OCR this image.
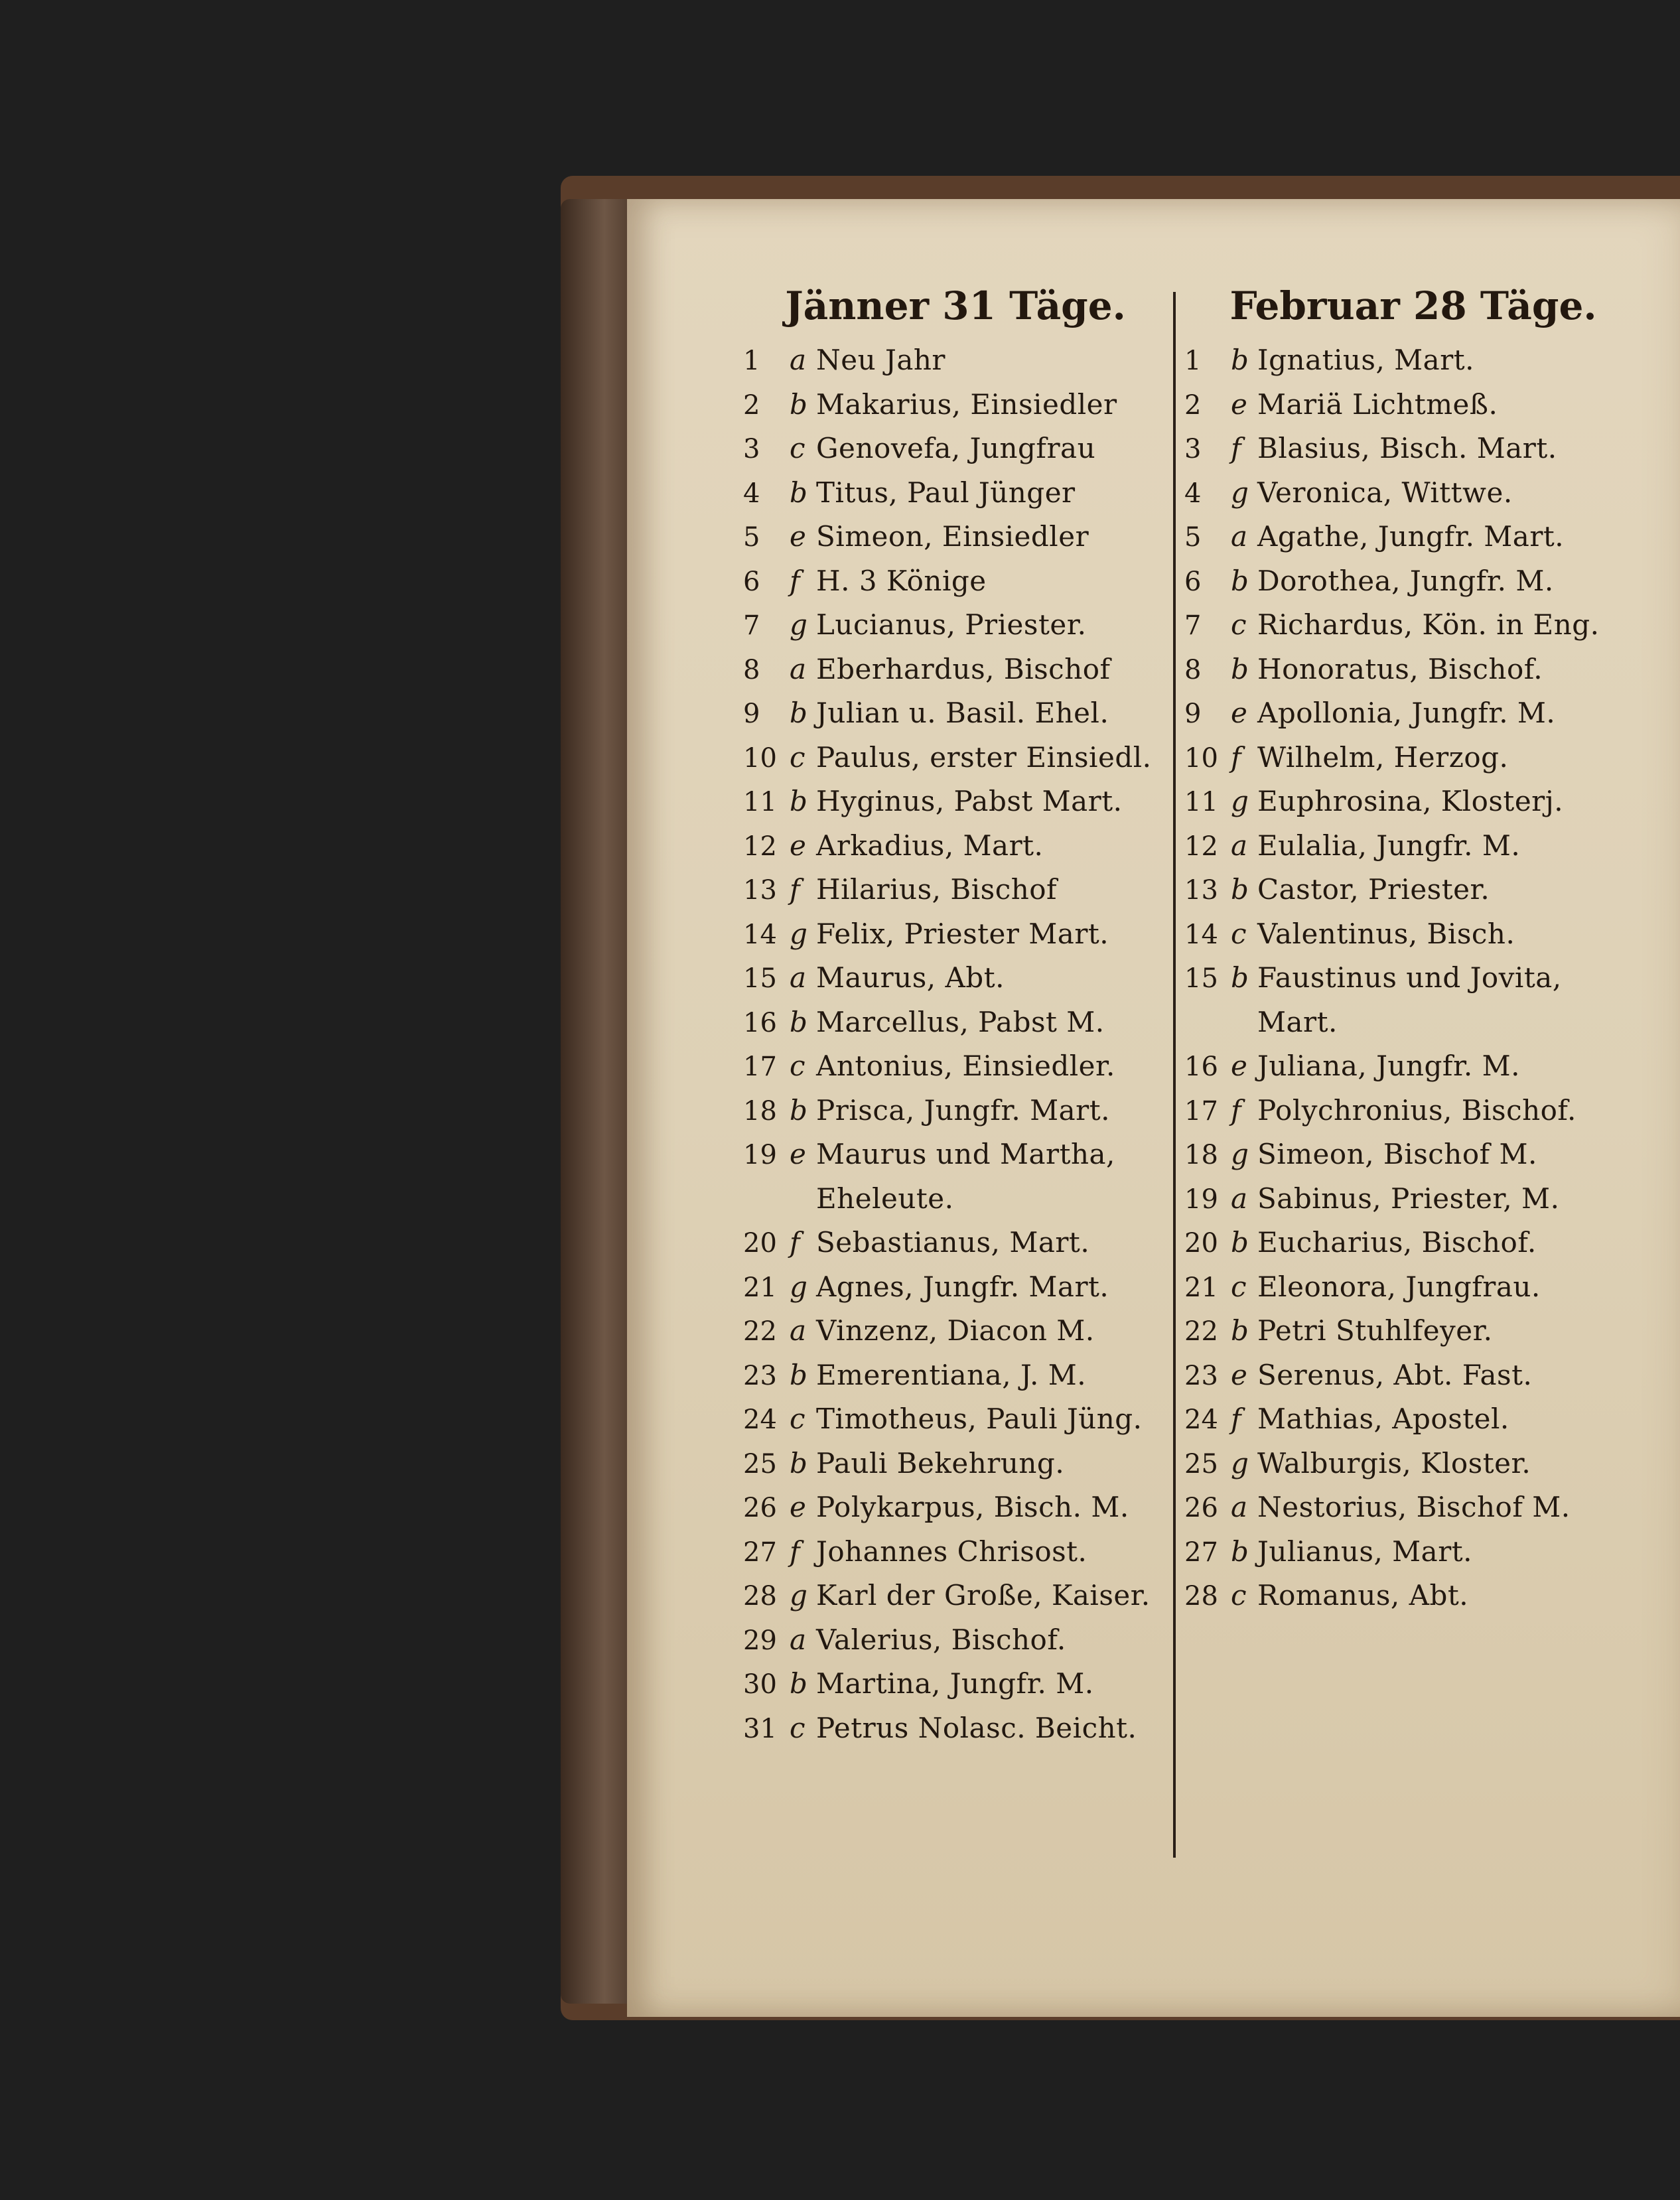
Jänner 31 Täge.
1	a Neu Jahr
2	b Makarius, Einsiedler
3	c Genovefa, Jungfrau
4	b Titus, Paul Jünger
5	e Simeon, Einsiedler
6	f H. 3 Könige
7	g Lucianus, Priester.
8	a Eberhardus, Bischof
9	b Julian u. Basil. Ehel.
10 c Paulus, erster Einsiedl.
11 b Hyginus, Pabst Mart.
12 e Arkadius, Mart.
13 f Hilarius, Bischof
14 g Felix, Priester Mart.
15 a Maurus, Abt.
16 b Marcellus, Pabst M.
17 c Antonius, Einsiedler.
18 b Prisca, Jungfr. Mart.
19 e Maurus und Martha,
Eheleute.
20 f Sebastianus, Mart.
21 g Agnes, Jungfr. Mart.
22 a Vinzenz, Diacon M.
23 b Emerentiana, J. M.
24 c Timotheus, Pauli Jüng.
25 b Pauli Bekehrung.
26 e Polykarpus, Bisch. M.
27 f Johannes Chrisost.
28 g Karl der Große, Kaiser.
29 a Valerius, Bischof.
30 b Martina, Jungfr. M.
31 c Petrus Nolasc. Beicht.
Februar 28 Täge.
1	b Ignatius, Mart.
2	e Mariä Lichtmeß.
3	f Blasius, Bisch. Mart.
4	g Veronica, Wittwe.
5	a Agathe, Jungfr. Mart.
6	b Dorothea, Jungfr. M.
7	c Richardus, Kön. in Eng.
8	b Honoratus, Bischof.
9	e Apollonia, Jungfr. M.
10 f Wilhelm, Herzog.
11 g Euphrosina, Klosterj.
12 a Eulalia, Jungfr. M.
13 b Castor, Priester.
14 c Valentinus, Bisch.
15 b Faustinus und Jovita,
Mart.
16 e Juliana, Jungfr. M.
17 f Polychronius, Bischof.
18 g Simeon, Bischof M.
19 a Sabinus, Priester, M.
20 b Eucharius, Bischof.
21 c Eleonora, Jungfrau.
22 b Petri Stuhlfeyer.
23 e Serenus, Abt. Fast.
24 f Mathias, Apostel.
25 g Walburgis, Kloster.
26 a Nestorius, Bischof M.
27 b Julianus, Mart.
28 c Romanus, Abt.
